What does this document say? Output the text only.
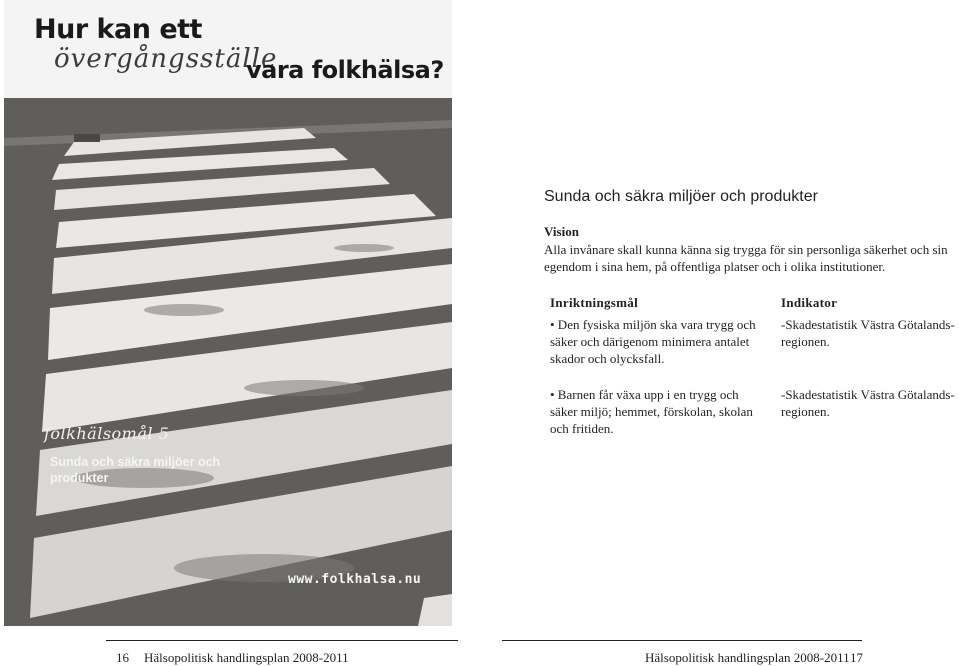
Hur kan ett
övergångsställe
vara folkhälsa?
folkhälsomål 5
Sunda och säkra miljöer och produkter
www.folkhalsa.nu
Sunda och säkra miljöer och produkter
Vision
Alla invånare skall kunna känna sig trygga för sin personliga säkerhet och sin egendom i sina hem, på offentliga platser och i olika institutioner.
Inriktningsmål	Indikator
• Den fysiska miljön ska vara trygg och säker och därigenom minimera antalet skador och olycksfall.
-Skadestatistik Västra Götalands-regionen.
• Barnen får växa upp i en trygg och säker miljö; hemmet, förskolan, skolan och fritiden.
-Skadestatistik Västra Götalands-regionen.
16 Hälsopolitisk handlingsplan 2008-2011	Hälsopolitisk handlingsplan 2008-2011 17
